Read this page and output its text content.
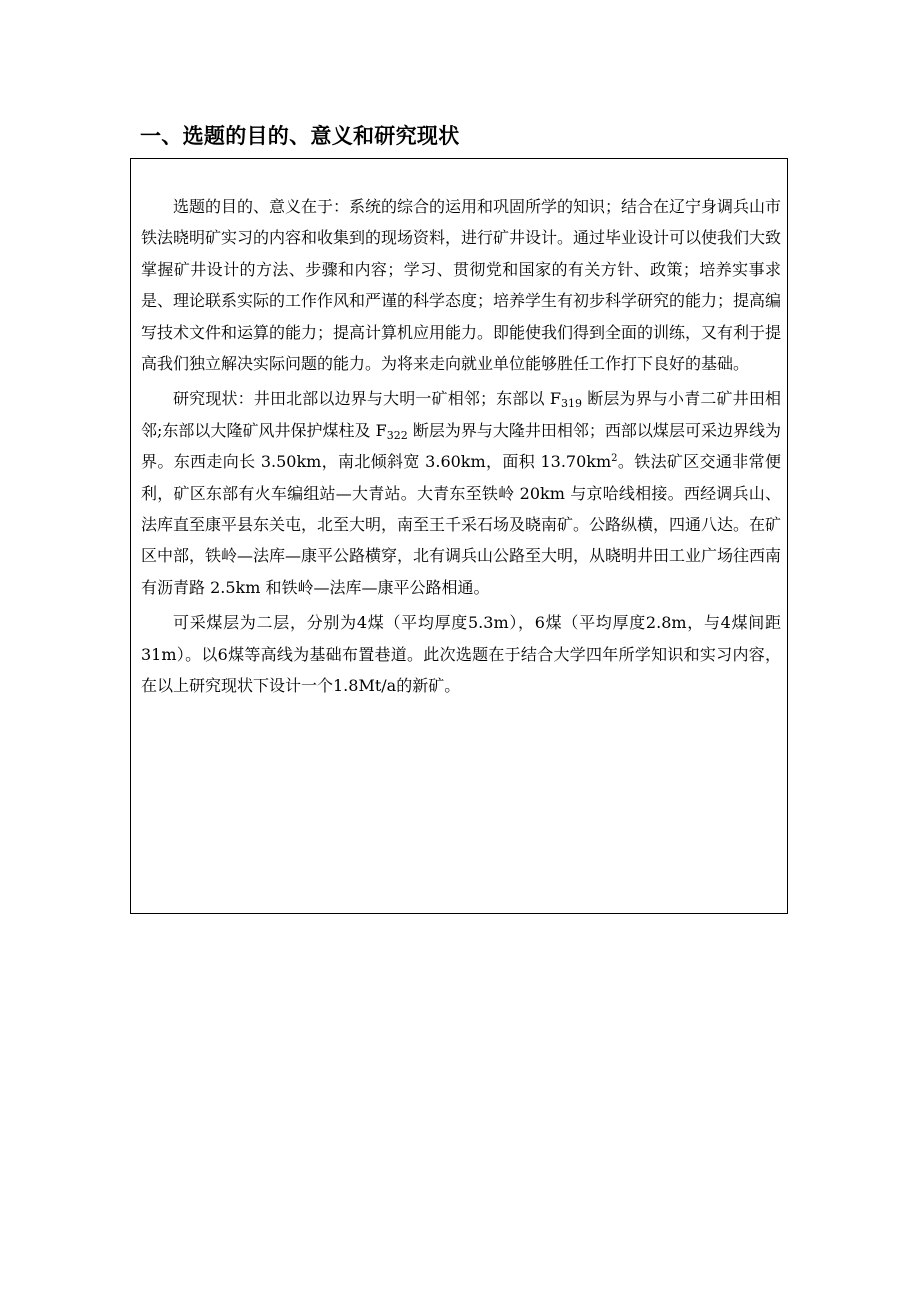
一、选题的目的、意义和研究现状

选题的目的、意义在于：系统的综合的运用和巩固所学的知识；结合在辽宁身调兵山市铁法晓明矿实习的内容和收集到的现场资料，进行矿井设计。通过毕业设计可以使我们大致掌握矿井设计的方法、步骤和内容；学习、贯彻党和国家的有关方针、政策；培养实事求是、理论联系实际的工作作风和严谨的科学态度；培养学生有初步科学研究的能力；提高编写技术文件和运算的能力；提高计算机应用能力。即能使我们得到全面的训练，又有利于提高我们独立解决实际问题的能力。为将来走向就业单位能够胜任工作打下良好的基础。

研究现状：井田北部以边界与大明一矿相邻；东部以 $F_{319}$ 断层为界与小青二矿井田相邻;东部以大隆矿风井保护煤柱及 $F_{322}$ 断层为界与大隆井田相邻；西部以煤层可采边界线为界。东西走向长 3.50km，南北倾斜宽 3.60km，面积 $13.70km^2$。铁法矿区交通非常便利，矿区东部有火车编组站—大青站。大青东至铁岭 20km 与京哈线相接。西经调兵山、法库直至康平县东关屯，北至大明，南至王千采石场及晓南矿。公路纵横，四通八达。在矿区中部，铁岭—法库—康平公路横穿，北有调兵山公路至大明，从晓明井田工业广场往西南有沥青路 2.5km 和铁岭—法库—康平公路相通。

可采煤层为二层，分别为4煤（平均厚度5.3m），6煤（平均厚度2.8m，与4煤间距31m）。以6煤等高线为基础布置巷道。此次选题在于结合大学四年所学知识和实习内容，在以上研究现状下设计一个1.8Mt/a的新矿。
